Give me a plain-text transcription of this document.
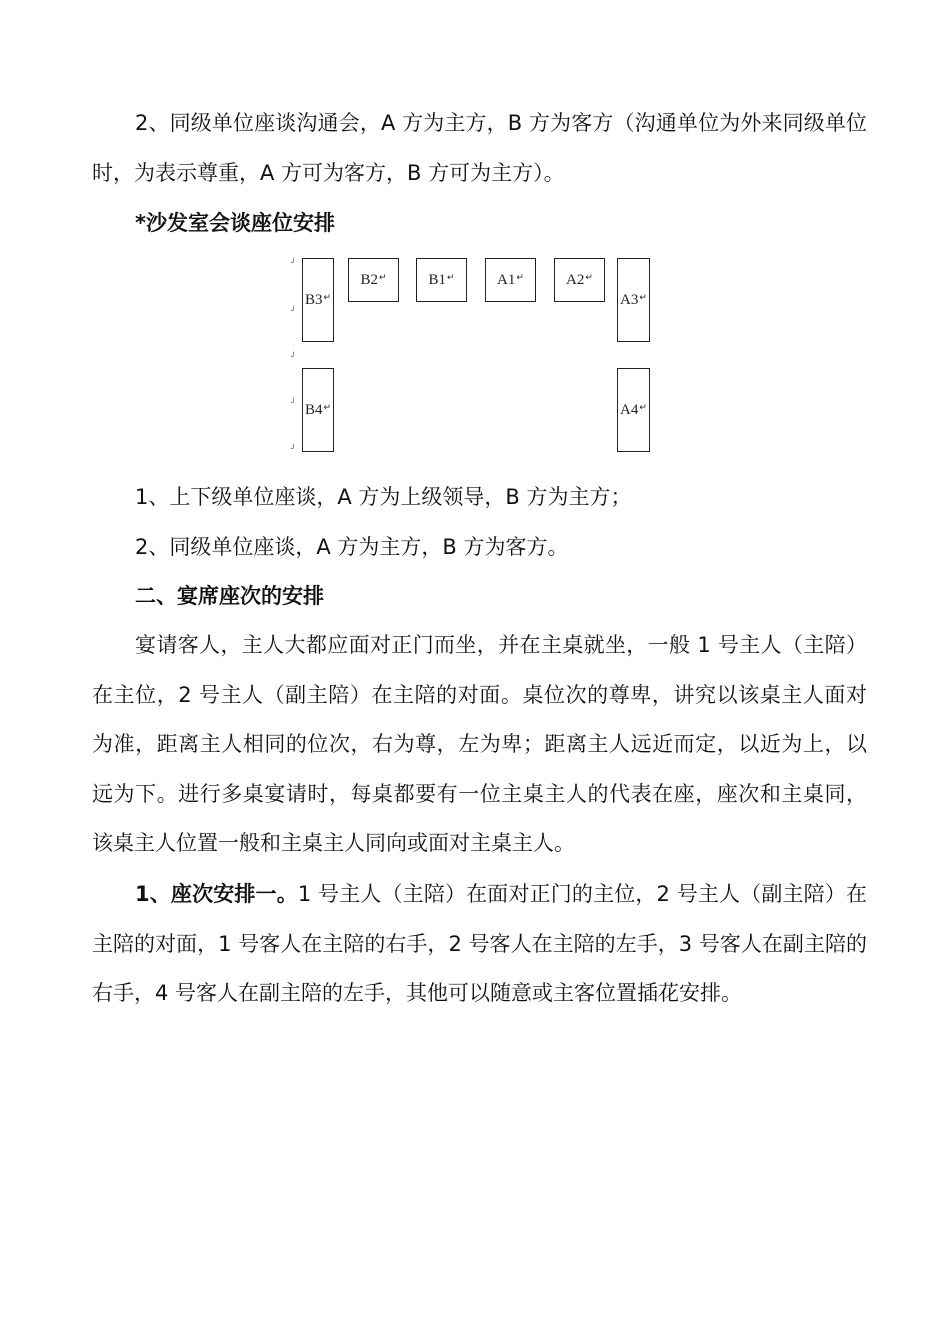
2、同级单位座谈沟通会，A 方为主方，B 方为客方（沟通单位为外来同级单位时，为表示尊重，A 方可为客方，B 方可为主方）。

*沙发室会谈座位安排

┘
┘
┘
┘
┘
B3 ↵
B2 ↵	B1 ↵	A1 ↵	A2 ↵
A3 ↵
B4 ↵	A4 ↵

1、上下级单位座谈，A 方为上级领导，B 方为主方；

2、同级单位座谈，A 方为主方，B 方为客方。

二、宴席座次的安排

宴请客人，主人大都应面对正门而坐，并在主桌就坐，一般 1 号主人（主陪）在主位，2 号主人（副主陪）在主陪的对面。桌位次的尊卑，讲究以该桌主人面对为准，距离主人相同的位次，右为尊，左为卑；距离主人远近而定，以近为上，以远为下。进行多桌宴请时，每桌都要有一位主桌主人的代表在座，座次和主桌同，该桌主人位置一般和主桌主人同向或面对主桌主人。

1、座次安排一。1 号主人（主陪）在面对正门的主位，2 号主人（副主陪）在主陪的对面，1 号客人在主陪的右手，2 号客人在主陪的左手，3 号客人在副主陪的右手，4 号客人在副主陪的左手，其他可以随意或主客位置插花安排。
